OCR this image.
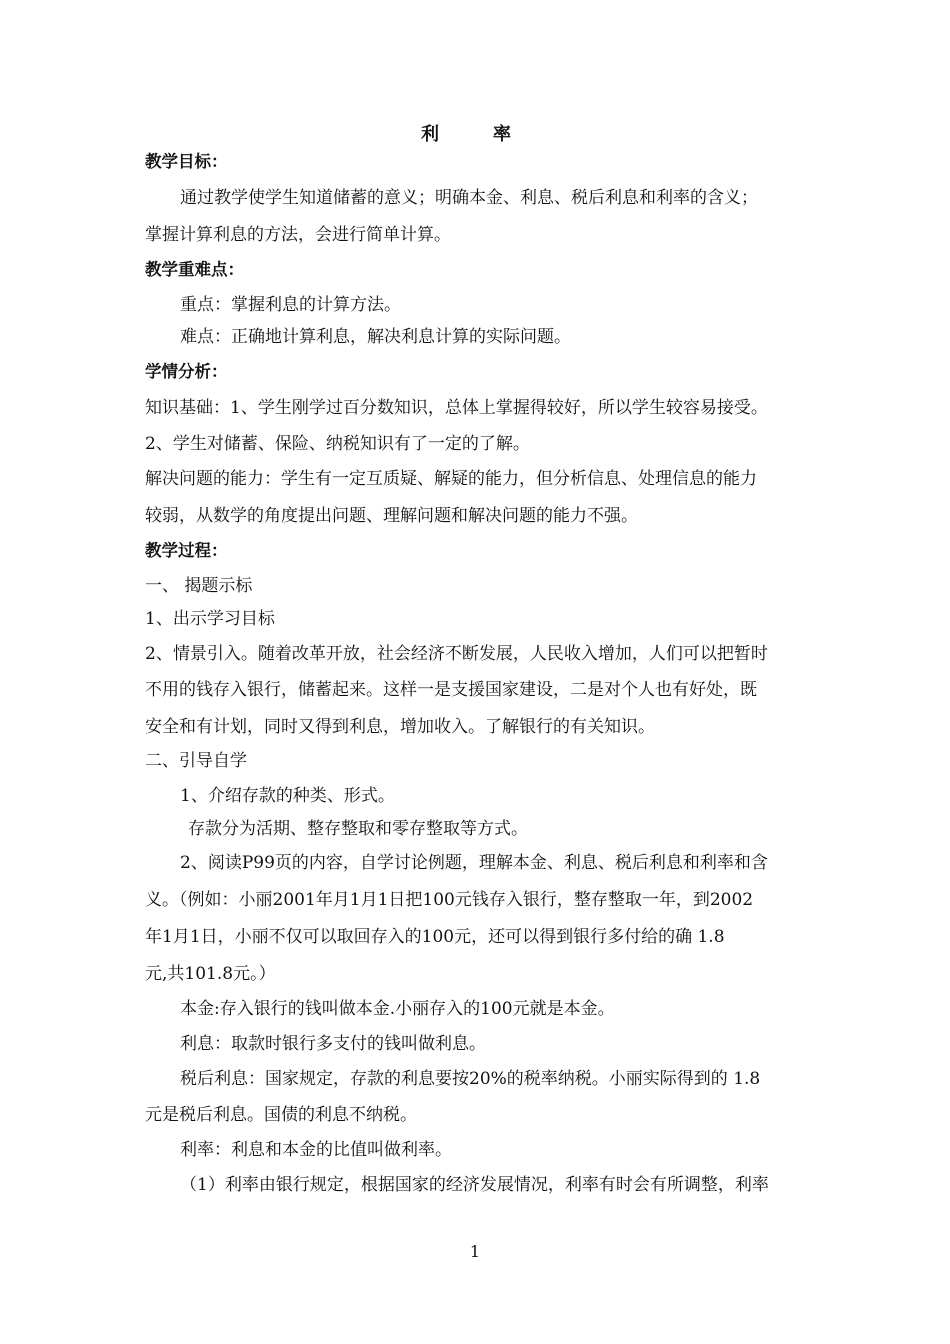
利　率
教学目标：
通过教学使学生知道储蓄的意义；明确本金、利息、税后利息和利率的含义；
掌握计算利息的方法，会进行简单计算。
教学重难点：
重点：掌握利息的计算方法。
难点：正确地计算利息，解决利息计算的实际问题。
学情分析：
知识基础：1、学生刚学过百分数知识，总体上掌握得较好，所以学生较容易接受。
2、学生对储蓄、保险、纳税知识有了一定的了解。
解决问题的能力：学生有一定互质疑、解疑的能力，但分析信息、处理信息的能力
较弱，从数学的角度提出问题、理解问题和解决问题的能力不强。
教学过程：
一、 揭题示标
1、出示学习目标
2、情景引入。随着改革开放，社会经济不断发展，人民收入增加，人们可以把暂时
不用的钱存入银行，储蓄起来。这样一是支援国家建设，二是对个人也有好处，既
安全和有计划，同时又得到利息，增加收入。了解银行的有关知识。
二、引导自学
1、介绍存款的种类、形式。
存款分为活期、整存整取和零存整取等方式。
2、阅读P99页的内容，自学讨论例题，理解本金、利息、税后利息和利率和含
义。（例如：小丽2001年月1月1日把100元钱存入银行，整存整取一年，到2002
年1月1日，小丽不仅可以取回存入的100元，还可以得到银行多付给的确 1.8
元,共101.8元。）
本金:存入银行的钱叫做本金.小丽存入的100元就是本金。
利息：取款时银行多支付的钱叫做利息。
税后利息：国家规定，存款的利息要按20%的税率纳税。小丽实际得到的 1.8
元是税后利息。国债的利息不纳税。
利率：利息和本金的比值叫做利率。
（1）利率由银行规定，根据国家的经济发展情况，利率有时会有所调整，利率
1
